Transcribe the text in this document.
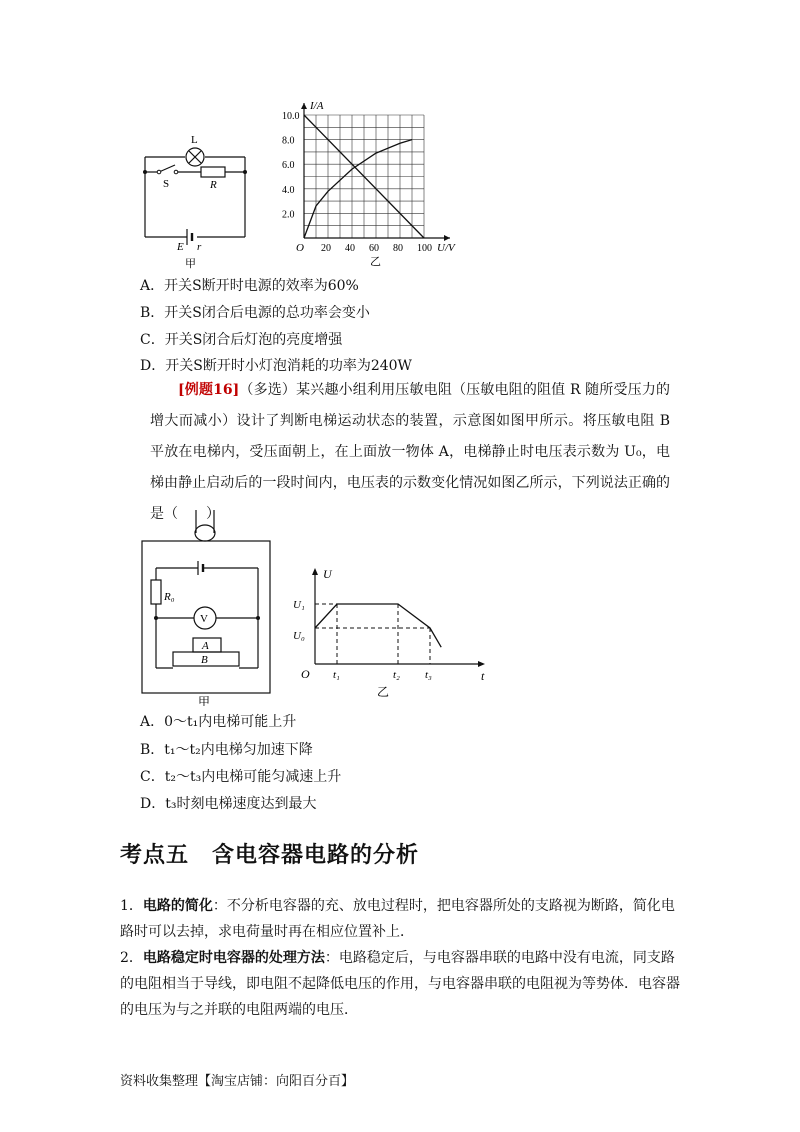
L
S	R
E r
甲
20 40 60 80 100
2.0
4.0
6.0
8.0
10.0
I/A
U/V
O
乙
A．开关S断开时电源的效率为60%
B．开关S闭合后电源的总功率会变小
C．开关S闭合后灯泡的亮度增强
D．开关S断开时小灯泡消耗的功率为240W
[例题16]（多选）某兴趣小组利用压敏电阻（压敏电阻的阻值 R 随所受压力的增大而减小）设计了判断电梯运动状态的装置，示意图如图甲所示。将压敏电阻 B 平放在电梯内，受压面朝上，在上面放一物体 A，电梯静止时电压表示数为 U₀，电梯由静止启动后的一段时间内，电压表的示数变化情况如图乙所示，下列说法正确的是（　　）
R₀
V
A
B
甲
U
t
O
U₁
U₀
t₁	t₂ t₃
乙
A．0～t₁内电梯可能上升
B．t₁～t₂内电梯匀加速下降
C．t₂～t₃内电梯可能匀减速上升
D．t₃时刻电梯速度达到最大
考点五　含电容器电路的分析
1．电路的简化：不分析电容器的充、放电过程时，把电容器所处的支路视为断路，简化电路时可以去掉，求电荷量时再在相应位置补上．
2．电路稳定时电容器的处理方法：电路稳定后，与电容器串联的电路中没有电流，同支路的电阻相当于导线，即电阻不起降低电压的作用，与电容器串联的电阻视为等势体．电容器的电压为与之并联的电阻两端的电压．
资料收集整理【淘宝店铺：向阳百分百】
